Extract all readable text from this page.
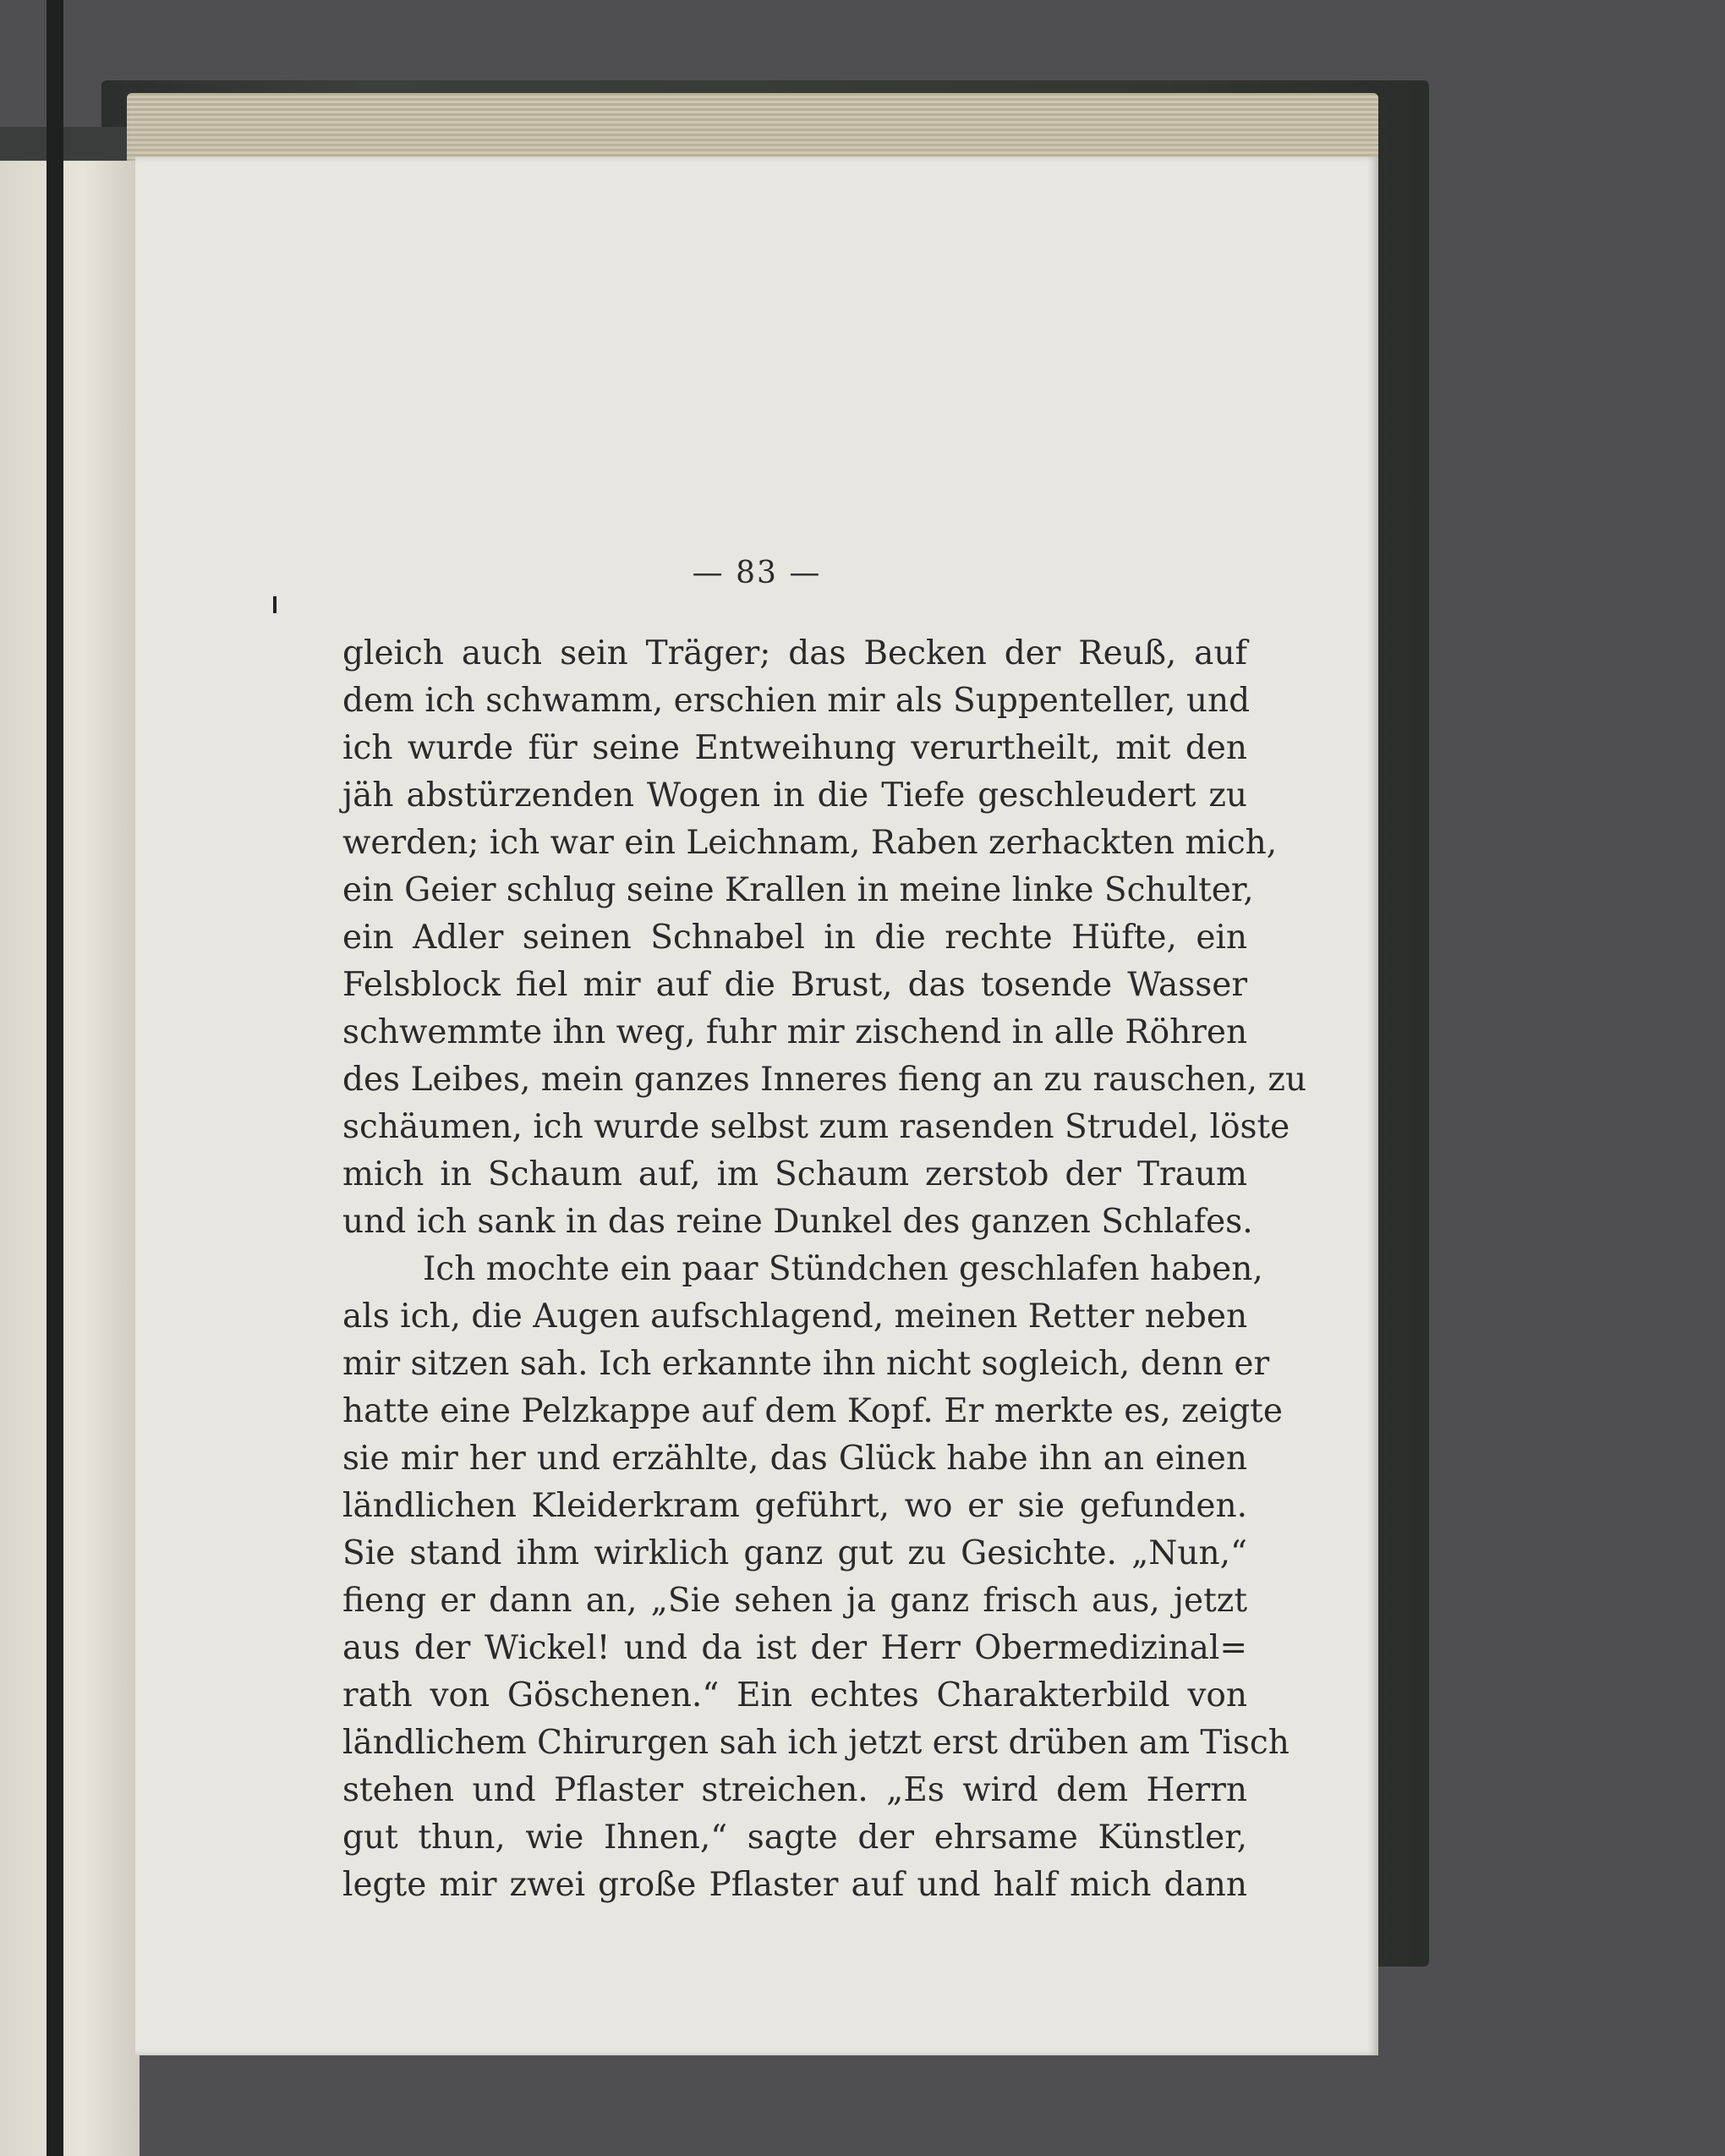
— 83 —
gleich auch sein Träger; das Becken der Reuß, auf
dem ich schwamm, erschien mir als Suppenteller, und
ich wurde für seine Entweihung verurtheilt, mit den
jäh abstürzenden Wogen in die Tiefe geschleudert zu
werden; ich war ein Leichnam, Raben zerhackten mich,
ein Geier schlug seine Krallen in meine linke Schulter,
ein Adler seinen Schnabel in die rechte Hüfte, ein
Felsblock fiel mir auf die Brust, das tosende Wasser
schwemmte ihn weg, fuhr mir zischend in alle Röhren
des Leibes, mein ganzes Inneres fieng an zu rauschen, zu
schäumen, ich wurde selbst zum rasenden Strudel, löste
mich in Schaum auf, im Schaum zerstob der Traum
und ich sank in das reine Dunkel des ganzen Schlafes.
Ich mochte ein paar Stündchen geschlafen haben,
als ich, die Augen aufschlagend, meinen Retter neben
mir sitzen sah. Ich erkannte ihn nicht sogleich, denn er
hatte eine Pelzkappe auf dem Kopf. Er merkte es, zeigte
sie mir her und erzählte, das Glück habe ihn an einen
ländlichen Kleiderkram geführt, wo er sie gefunden.
Sie stand ihm wirklich ganz gut zu Gesichte. „Nun,“
fieng er dann an, „Sie sehen ja ganz frisch aus, jetzt
aus der Wickel! und da ist der Herr Obermedizinal=
rath von Göschenen.“ Ein echtes Charakterbild von
ländlichem Chirurgen sah ich jetzt erst drüben am Tisch
stehen und Pflaster streichen. „Es wird dem Herrn
gut thun, wie Ihnen,“ sagte der ehrsame Künstler,
legte mir zwei große Pflaster auf und half mich dann
